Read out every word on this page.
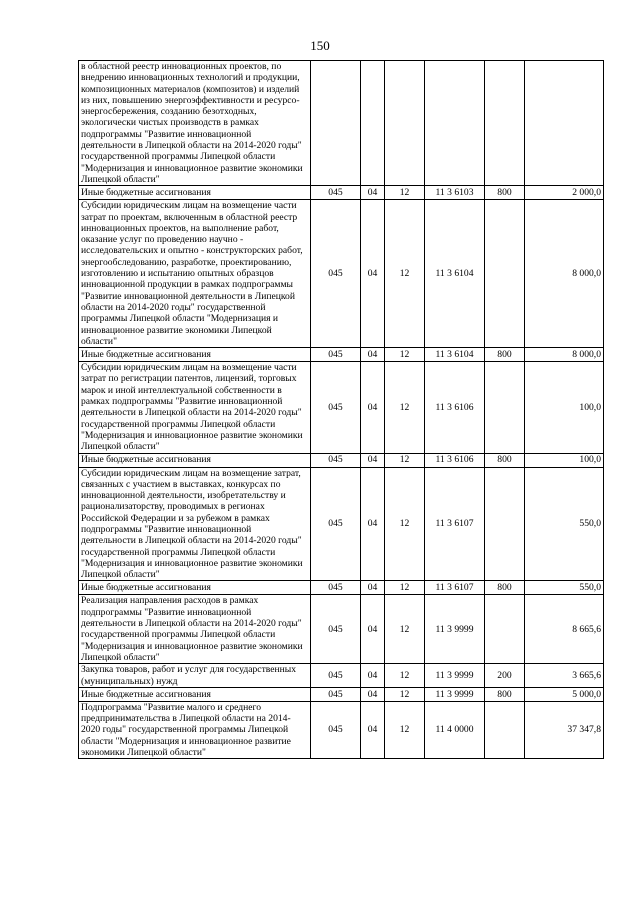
150
в областной реестр инновационных проектов, по внедрению инновационных технологий и продукции, композиционных материалов (композитов) и изделий из них, повышению энергоэффективности и ресурсо-энергосбережения, созданию безотходных, экологически чистых производств в рамках подпрограммы "Развитие инновационной деятельности в Липецкой области на 2014-2020 годы" государственной программы Липецкой области "Модернизация и инновационное развитие экономики Липецкой области"						
Иные бюджетные ассигнования	045	04	12	11 3 6103	800	2 000,0
Субсидии юридическим лицам на возмещение части затрат по проектам, включенным в областной реестр инновационных проектов, на выполнение работ, оказание услуг по проведению научно - исследовательских и опытно - конструкторских работ, энергообследованию, разработке, проектированию, изготовлению и испытанию опытных образцов инновационной продукции в рамках подпрограммы "Развитие инновационной деятельности в Липецкой области на 2014-2020 годы" государственной программы Липецкой области "Модернизация и инновационное развитие экономики Липецкой области"	045	04	12	11 3 6104		8 000,0
Иные бюджетные ассигнования	045	04	12	11 3 6104	800	8 000,0
Субсидии юридическим лицам на возмещение части затрат по регистрации патентов, лицензий, торговых марок и иной интеллектуальной собственности в рамках подпрограммы "Развитие инновационной деятельности в Липецкой области на 2014-2020 годы" государственной программы Липецкой области "Модернизация и инновационное развитие экономики Липецкой области"	045	04	12	11 3 6106		100,0
Иные бюджетные ассигнования	045	04	12	11 3 6106	800	100,0
Субсидии юридическим лицам на возмещение затрат, связанных с участием в выставках, конкурсах по инновационной деятельности, изобретательству и рационализаторству, проводимых в регионах Российской Федерации и за рубежом в рамках подпрограммы "Развитие инновационной деятельности в Липецкой области на 2014-2020 годы" государственной программы Липецкой области "Модернизация и инновационное развитие экономики Липецкой области"	045	04	12	11 3 6107		550,0
Иные бюджетные ассигнования	045	04	12	11 3 6107	800	550,0
Реализация направления расходов в рамках подпрограммы "Развитие инновационной деятельности в Липецкой области на 2014-2020 годы" государственной программы Липецкой области "Модернизация и инновационное развитие экономики Липецкой области"	045	04	12	11 3 9999		8 665,6
Закупка товаров, работ и услуг для государственных (муниципальных) нужд	045	04	12	11 3 9999	200	3 665,6
Иные бюджетные ассигнования	045	04	12	11 3 9999	800	5 000,0
Подпрограмма "Развитие малого и среднего предпринимательства в Липецкой области на 2014-2020 годы" государственной программы Липецкой области "Модернизация и инновационное развитие экономики Липецкой области"	045	04	12	11 4 0000		37 347,8
